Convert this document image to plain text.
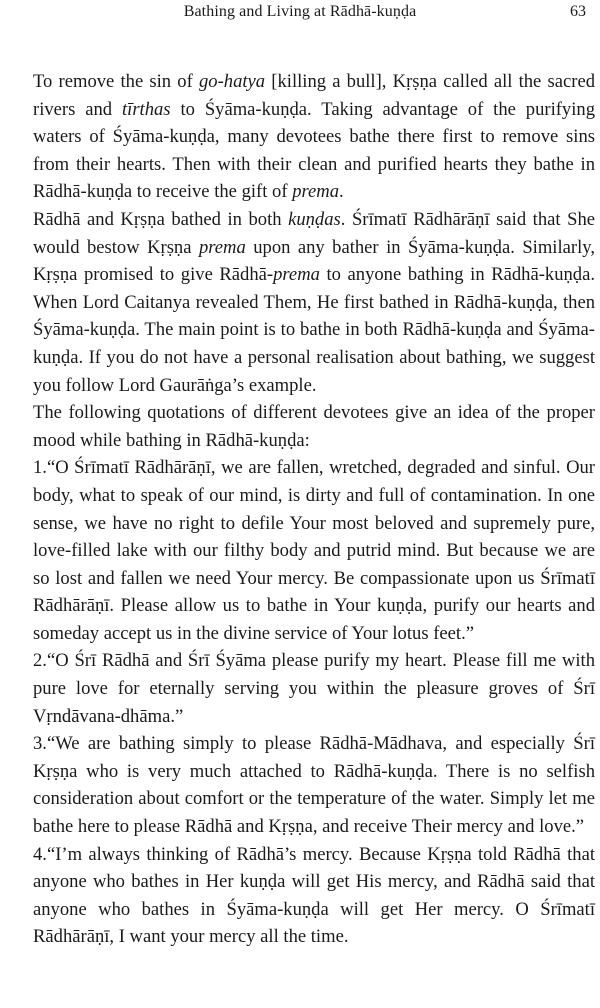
Bathing and Living at Rādhā-kuṇḍa	63

To remove the sin of go-hatya [killing a bull], Kṛṣṇa called all the sacred rivers and tīrthas to Śyāma-kuṇḍa. Taking advantage of the purifying waters of Śyāma-kuṇḍa, many devotees bathe there first to remove sins from their hearts. Then with their clean and purified hearts they bathe in Rādhā-kuṇḍa to receive the gift of prema.

Rādhā and Kṛṣṇa bathed in both kuṇḍas. Śrīmatī Rādhārāṇī said that She would bestow Kṛṣṇa prema upon any bather in Śyāma-kuṇḍa. Similarly, Kṛṣṇa promised to give Rādhā-prema to anyone bathing in Rādhā-kuṇḍa. When Lord Caitanya revealed Them, He first bathed in Rādhā-kuṇḍa, then Śyāma-kuṇḍa. The main point is to bathe in both Rādhā-kuṇḍa and Śyāma-kuṇḍa. If you do not have a personal realisation about bathing, we suggest you follow Lord Gaurāṅga’s example.

The following quotations of different devotees give an idea of the proper mood while bathing in Rādhā-kuṇḍa:

1.“O Śrīmatī Rādhārāṇī, we are fallen, wretched, degraded and sinful. Our body, what to speak of our mind, is dirty and full of contamination. In one sense, we have no right to defile Your most beloved and supremely pure, love-filled lake with our filthy body and putrid mind. But because we are so lost and fallen we need Your mercy. Be compassionate upon us Śrīmatī Rādhārāṇī. Please allow us to bathe in Your kuṇḍa, purify our hearts and someday accept us in the divine service of Your lotus feet.”

2.“O Śrī Rādhā and Śrī Śyāma please purify my heart. Please fill me with pure love for eternally serving you within the pleasure groves of Śrī Vṛndāvana-dhāma.”

3.“We are bathing simply to please Rādhā-Mādhava, and especially Śrī Kṛṣṇa who is very much attached to Rādhā-kuṇḍa. There is no selfish consideration about comfort or the temperature of the water. Simply let me bathe here to please Rādhā and Kṛṣṇa, and receive Their mercy and love.”

4.“I’m always thinking of Rādhā’s mercy. Because Kṛṣṇa told Rādhā that anyone who bathes in Her kuṇḍa will get His mercy, and Rādhā said that anyone who bathes in Śyāma-kuṇḍa will get Her mercy. O Śrīmatī Rādhārāṇī, I want your mercy all the time.
